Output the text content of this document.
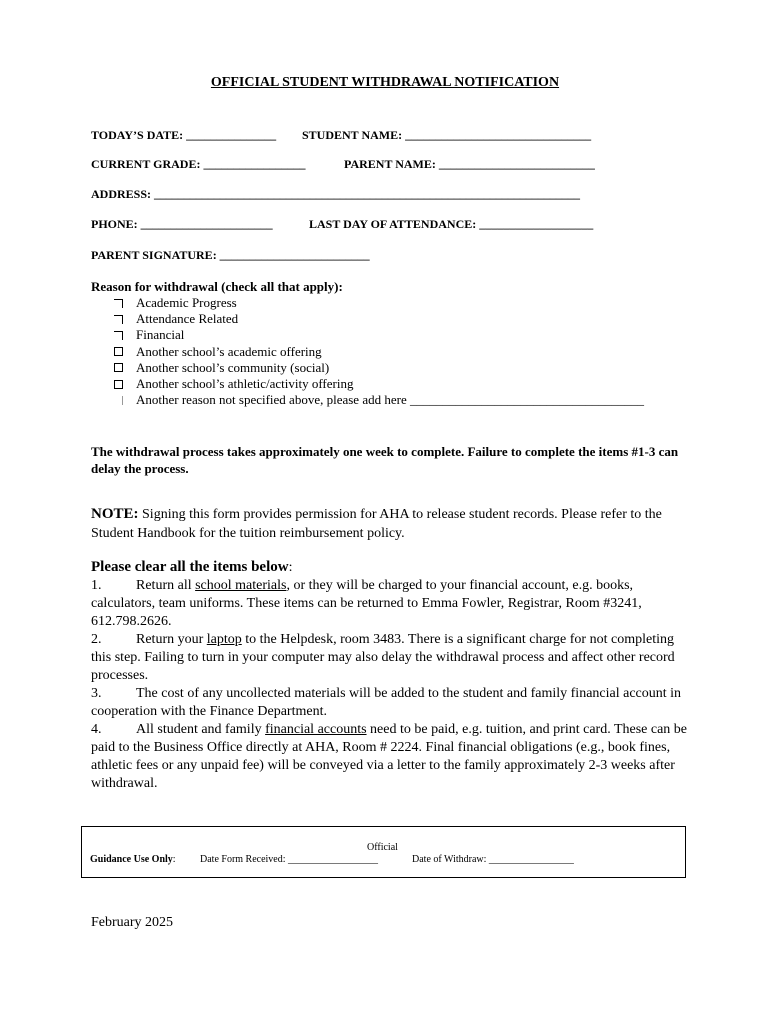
OFFICIAL STUDENT WITHDRAWAL NOTIFICATION
TODAY’S DATE: _______________ STUDENT NAME: _______________________________
CURRENT GRADE: _________________	PARENT NAME: __________________________
ADDRESS: _______________________________________________________________________
PHONE: ______________________	LAST DAY OF ATTENDANCE: ___________________
PARENT SIGNATURE: _________________________
Reason for withdrawal (check all that apply):
Academic Progress
Attendance Related
Financial
Another school’s academic offering
Another school’s community (social)
Another school’s athletic/activity offering
Another reason not specified above, please add here ____________________________________
The withdrawal process takes approximately one week to complete. Failure to complete the items #1-3 can delay the process.
NOTE: Signing this form provides permission for AHA to release student records. Please refer to the Student Handbook for the tuition reimbursement policy.
Please clear all the items below:
1. Return all school materials, or they will be charged to your financial account, e.g. books, calculators, team uniforms. These items can be returned to Emma Fowler, Registrar, Room #3241, 612.798.2626.
2. Return your laptop to the Helpdesk, room 3483. There is a significant charge for not completing this step. Failing to turn in your computer may also delay the withdrawal process and affect other record processes.
3. The cost of any uncollected materials will be added to the student and family financial account in cooperation with the Finance Department.
4. All student and family financial accounts need to be paid, e.g. tuition, and print card. These can be paid to the Business Office directly at AHA, Room # 2224. Final financial obligations (e.g., book fines, athletic fees or any unpaid fee) will be conveyed via a letter to the family approximately 2-3 weeks after withdrawal.
Official
Guidance Use Only: Date Form Received: __________________	Date of Withdraw: _________________
February 2025
